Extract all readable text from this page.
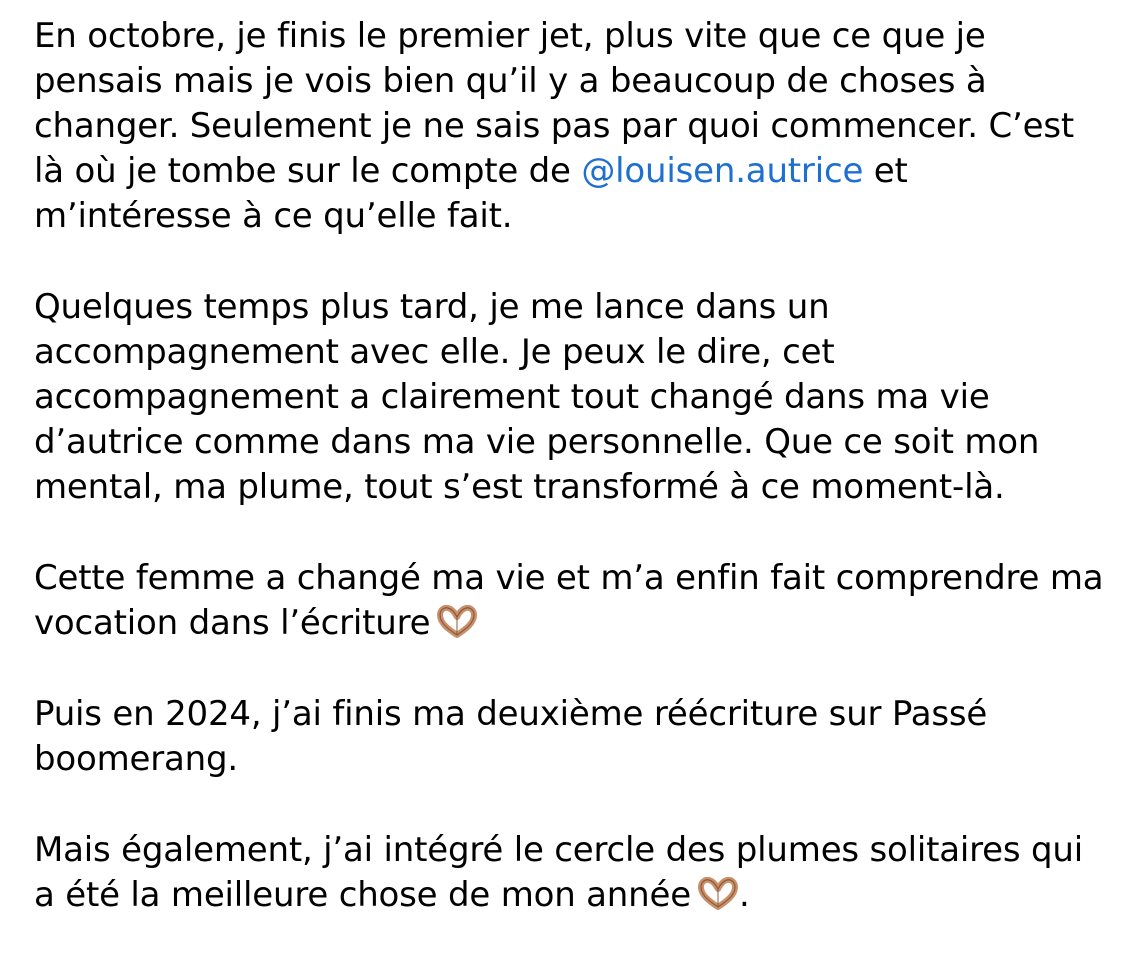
En octobre, je finis le premier jet, plus vite que ce que je pensais mais je vois bien qu’il y a beaucoup de choses à changer. Seulement je ne sais pas par quoi commencer. C’est là où je tombe sur le compte de @louisen.autrice et m’intéresse à ce qu’elle fait.

Quelques temps plus tard, je me lance dans un accompagnement avec elle. Je peux le dire, cet accompagnement a clairement tout changé dans ma vie d’autrice comme dans ma vie personnelle. Que ce soit mon mental, ma plume, tout s’est transformé à ce moment-là.

Cette femme a changé ma vie et m’a enfin fait comprendre ma vocation dans l’écriture

Puis en 2024, j’ai finis ma deuxième réécriture sur Passé boomerang.

Mais également, j’ai intégré le cercle des plumes solitaires qui a été la meilleure chose de mon année .
